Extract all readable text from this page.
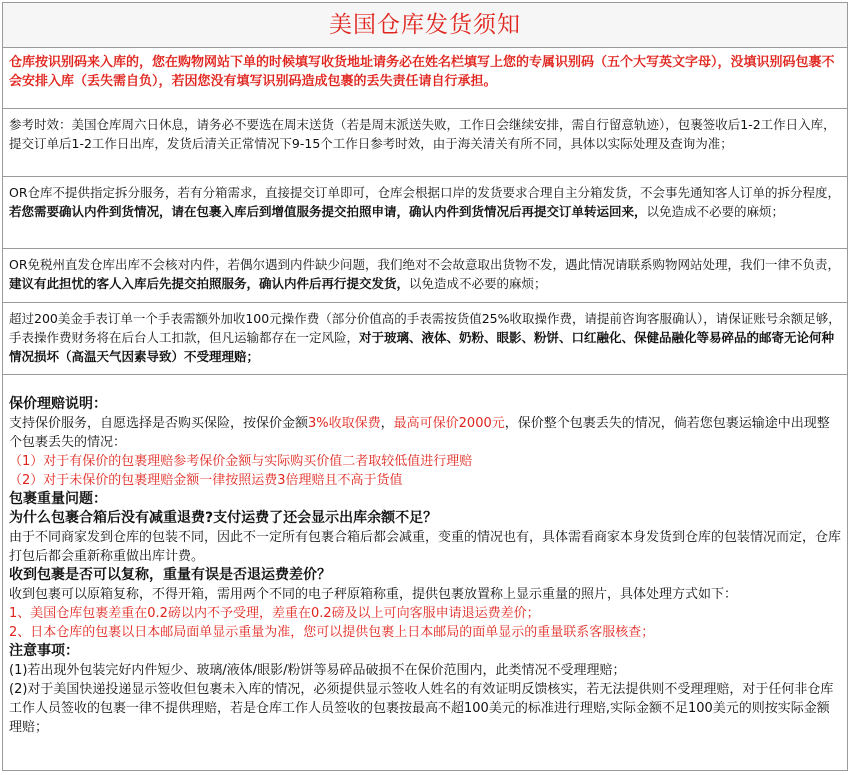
美国仓库发货须知
仓库按识别码来入库的，您在购物网站下单的时候填写收货地址请务必在姓名栏填写上您的专属识别码（五个大写英文字母），没填识别码包裹不会安排入库（丢失需自负），若因您没有填写识别码造成包裹的丢失责任请自行承担。
参考时效：美国仓库周六日休息，请务必不要选在周末送货（若是周末派送失败，工作日会继续安排，需自行留意轨迹），包裹签收后1-2工作日入库，提交订单后1-2工作日出库，发货后清关正常情况下9-15个工作日参考时效，由于海关清关有所不同，具体以实际处理及查询为准；
OR仓库不提供指定拆分服务，若有分箱需求，直接提交订单即可，仓库会根据口岸的发货要求合理自主分箱发货，不会事先通知客人订单的拆分程度，若您需要确认内件到货情况，请在包裹入库后到增值服务提交拍照申请，确认内件到货情况后再提交订单转运回来，以免造成不必要的麻烦；
OR免税州直发仓库出库不会核对内件，若偶尔遇到内件缺少问题，我们绝对不会故意取出货物不发，遇此情况请联系购物网站处理，我们一律不负责，建议有此担忧的客人入库后先提交拍照服务，确认内件后再行提交发货，以免造成不必要的麻烦；
超过200美金手表订单一个手表需额外加收100元操作费（部分价值高的手表需按货值25%收取操作费，请提前咨询客服确认），请保证账号余额足够，手表操作费财务将在后台人工扣款，但凡运输都存在一定风险，对于玻璃、液体、奶粉、眼影、粉饼、口红融化、保健品融化等易碎品的邮寄无论何种情况损坏（高温天气因素导致）不受理理赔；

保价理赔说明：

支持保价服务，自愿选择是否购买保险，按保价金额3%收取保费，最高可保价2000元，保价整个包裹丢失的情况，倘若您包裹运输途中出现整个包裹丢失的情况：

（1）对于有保价的包裹理赔参考保价金额与实际购买价值二者取较低值进行理赔

（2）对于未保价的包裹理赔金额一律按照运费3倍理赔且不高于货值

包裹重量问题：

为什么包裹合箱后没有减重退费?支付运费了还会显示出库余额不足？

由于不同商家发到仓库的包装不同，因此不一定所有包裹合箱后都会减重，变重的情况也有，具体需看商家本身发货到仓库的包装情况而定，仓库打包后都会重新称重做出库计费。

收到包裹是否可以复称，重量有误是否退运费差价？

收到包裹可以原箱复称，不得开箱，需用两个不同的电子秤原箱称重，提供包裹放置称上显示重量的照片，具体处理方式如下：

1、美国仓库包裹差重在0.2磅以内不予受理，差重在0.2磅及以上可向客服申请退运费差价；

2、日本仓库的包裹以日本邮局面单显示重量为准，您可以提供包裹上日本邮局的面单显示的重量联系客服核查；

注意事项：

(1)若出现外包装完好内件短少、玻璃/液体/眼影/粉饼等易碎品破损不在保价范围内，此类情况不受理理赔；

(2)对于美国快递投递显示签收但包裹未入库的情况，必须提供显示签收人姓名的有效证明反馈核实，若无法提供则不受理理赔，对于任何非仓库工作人员签收的包裹一律不提供理赔，若是仓库工作人员签收的包裹按最高不超100美元的标准进行理赔,实际金额不足100美元的则按实际金额理赔；
